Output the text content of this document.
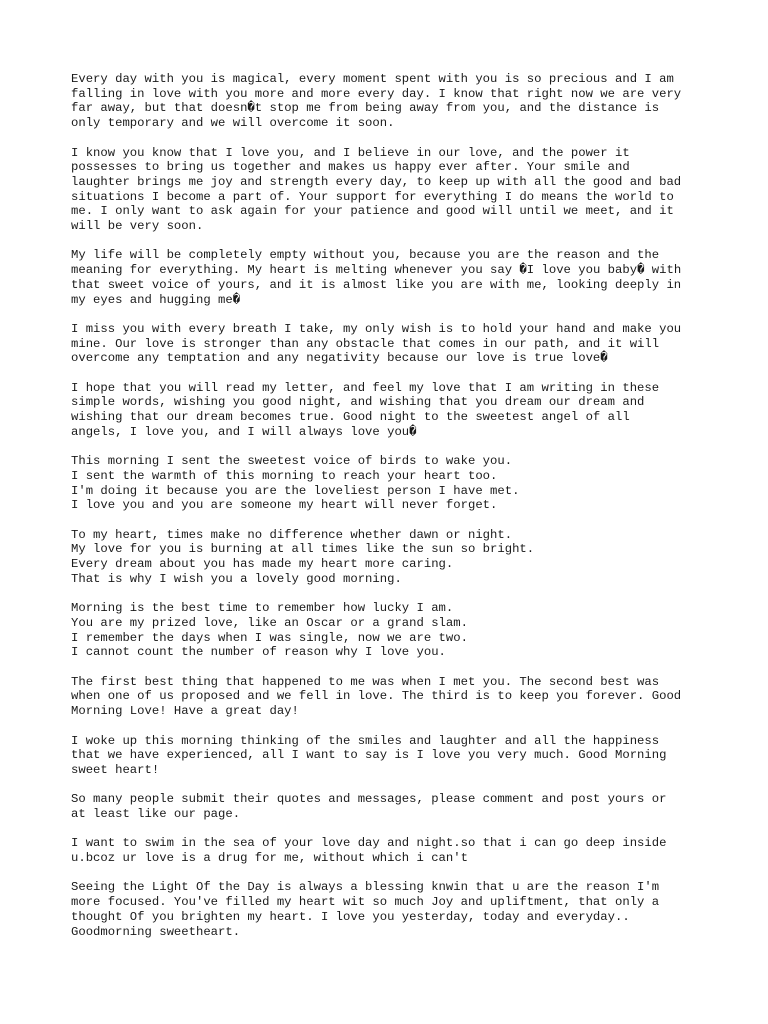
Every day with you is magical, every moment spent with you is so precious and I am
falling in love with you more and more every day. I know that right now we are very
far away, but that doesn�t stop me from being away from you, and the distance is
only temporary and we will overcome it soon.

I know you know that I love you, and I believe in our love, and the power it
possesses to bring us together and makes us happy ever after. Your smile and
laughter brings me joy and strength every day, to keep up with all the good and bad
situations I become a part of. Your support for everything I do means the world to
me. I only want to ask again for your patience and good will until we meet, and it
will be very soon.

My life will be completely empty without you, because you are the reason and the
meaning for everything. My heart is melting whenever you say �I love you baby� with
that sweet voice of yours, and it is almost like you are with me, looking deeply in
my eyes and hugging me�

I miss you with every breath I take, my only wish is to hold your hand and make you
mine. Our love is stronger than any obstacle that comes in our path, and it will
overcome any temptation and any negativity because our love is true love�

I hope that you will read my letter, and feel my love that I am writing in these
simple words, wishing you good night, and wishing that you dream our dream and
wishing that our dream becomes true. Good night to the sweetest angel of all
angels, I love you, and I will always love you�

This morning I sent the sweetest voice of birds to wake you.
I sent the warmth of this morning to reach your heart too.
I'm doing it because you are the loveliest person I have met.
I love you and you are someone my heart will never forget.

To my heart, times make no difference whether dawn or night.
My love for you is burning at all times like the sun so bright.
Every dream about you has made my heart more caring.
That is why I wish you a lovely good morning.

Morning is the best time to remember how lucky I am.
You are my prized love, like an Oscar or a grand slam.
I remember the days when I was single, now we are two.
I cannot count the number of reason why I love you.

The first best thing that happened to me was when I met you. The second best was
when one of us proposed and we fell in love. The third is to keep you forever. Good
Morning Love! Have a great day!

I woke up this morning thinking of the smiles and laughter and all the happiness
that we have experienced, all I want to say is I love you very much. Good Morning
sweet heart!

So many people submit their quotes and messages, please comment and post yours or
at least like our page.

I want to swim in the sea of your love day and night.so that i can go deep inside
u.bcoz ur love is a drug for me, without which i can't

Seeing the Light Of the Day is always a blessing knwin that u are the reason I'm
more focused. You've filled my heart wit so much Joy and upliftment, that only a
thought Of you brighten my heart. I love you yesterday, today and everyday..
Goodmorning sweetheart.
